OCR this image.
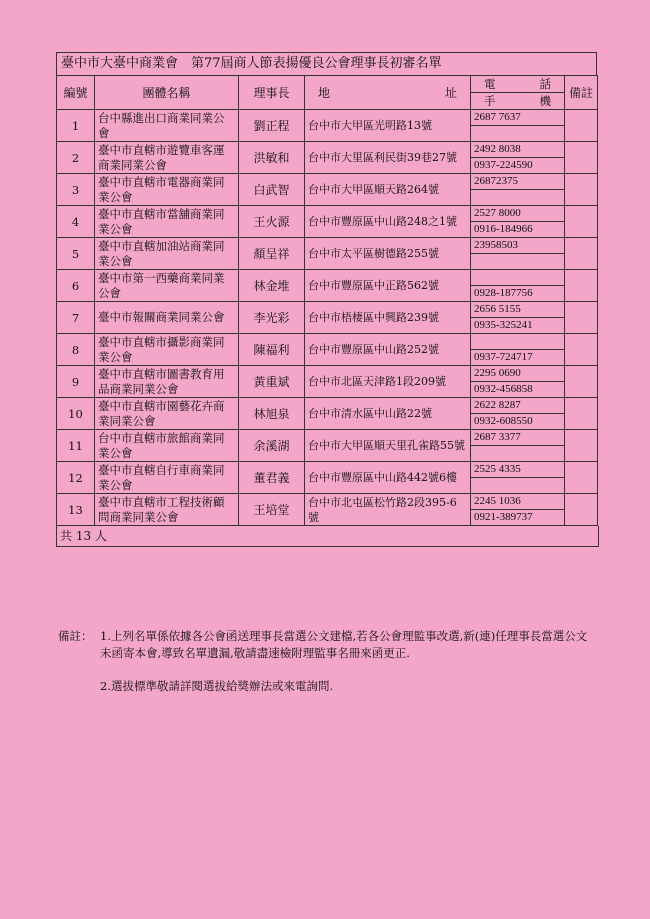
臺中市大臺中商業會　第77屆商人節表揚優良公會理事長初審名單
編號	團體名稱	理事長	地 址	電 話	備註

				手 機	

1	台中縣進出口商業同業公會	劉正程	台中市大甲區光明路13號	2687 7637	

2	臺中市直轄市遊覽車客運商業同業公會	洪敏和	台中市大里區利民街39巷27號	2492 8038	
				0937-224590	
3	臺中市直轄市電器商業同業公會	白武智	台中市大甲區順天路264號	26872375	

4	臺中市直轄市當舖商業同業公會	王火源	台中市豐原區中山路248之1號	2527 8000	
				0916-184966	
5	臺中市直轄加油站商業同業公會	顏呈祥	台中市太平區樹德路255號	23958503	

6	臺中市第一西藥商業同業公會	林金堆	台中市豐原區中正路562號		
				0928-187756	
7	臺中市報關商業同業公會	李光彩	台中市梧棲區中興路239號	2656 5155	
				0935-325241	
8	臺中市直轄市攝影商業同業公會	陳福利	台中市豐原區中山路252號		
				0937-724717	
9	臺中市直轄市圖書教育用品商業同業公會	黃重斌	台中市北區天津路1段209號	2295 0690	
				0932-456858	
10	臺中市直轄市園藝花卉商業同業公會	林旭泉	台中市清水區中山路22號	2622 8287	
				0932-608550	
11	台中市直轄市旅館商業同業公會	余溪湖	台中市大甲區順天里孔雀路55號	2687 3377	

12	臺中市直轄自行車商業同業公會	董君義	台中市豐原區中山路442號6樓	2525 4335	

13	臺中市直轄市工程技術顧問商業同業公會	王培堂	台中市北屯區松竹路2段395-6號	2245 1036	
				0921-389737	
共 13 人
備註： 1.上列名單係依據各公會函送理事長當選公文建檔,若各公會理監事改選,新(連)任理事長當選公文未函寄本會,導致名單遺漏,敬請盡速檢附理監事名冊來函更正.
2.選拔標準敬請詳閱選拔給獎辦法或來電詢問.
